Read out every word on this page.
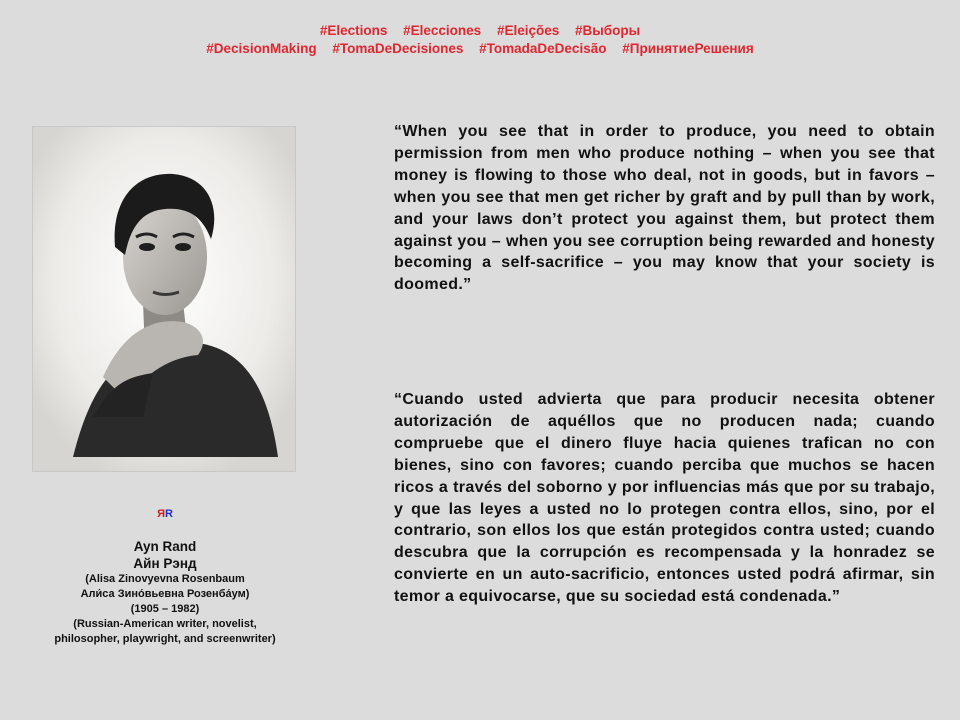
#Elections #Elecciones #Eleições #Выборы
#DecisionMaking #TomaDeDecisiones #TomadaDeDecisão #ПринятиеРешения
ЯR
Ayn Rand
Айн Рэнд
(Alisa Zinovyevna Rosenbaum
Али́са Зино́вьевна Розенба́ум)
(1905 – 1982)
(Russian-American writer, novelist,
philosopher, playwright, and screenwriter)
“When you see that in order to produce, you need to obtain permission from men who produce nothing – when you see that money is flowing to those who deal, not in goods, but in favors – when you see that men get richer by graft and by pull than by work, and your laws don’t protect you against them, but protect them against you – when you see corruption being rewarded and honesty becoming a self-sacrifice – you may know that your society is doomed.”
“Cuando usted advierta que para producir necesita obtener autorización de aquéllos que no producen nada; cuando compruebe que el dinero fluye hacia quienes trafican no con bienes, sino con favores; cuando perciba que muchos se hacen ricos a través del soborno y por influencias más que por su trabajo, y que las leyes a usted no lo protegen contra ellos, sino, por el contrario, son ellos los que están protegidos contra usted; cuando descubra que la corrupción es recompensada y la honradez se convierte en un auto-sacrificio, entonces usted podrá afirmar, sin temor a equivocarse, que su sociedad está condenada.”
